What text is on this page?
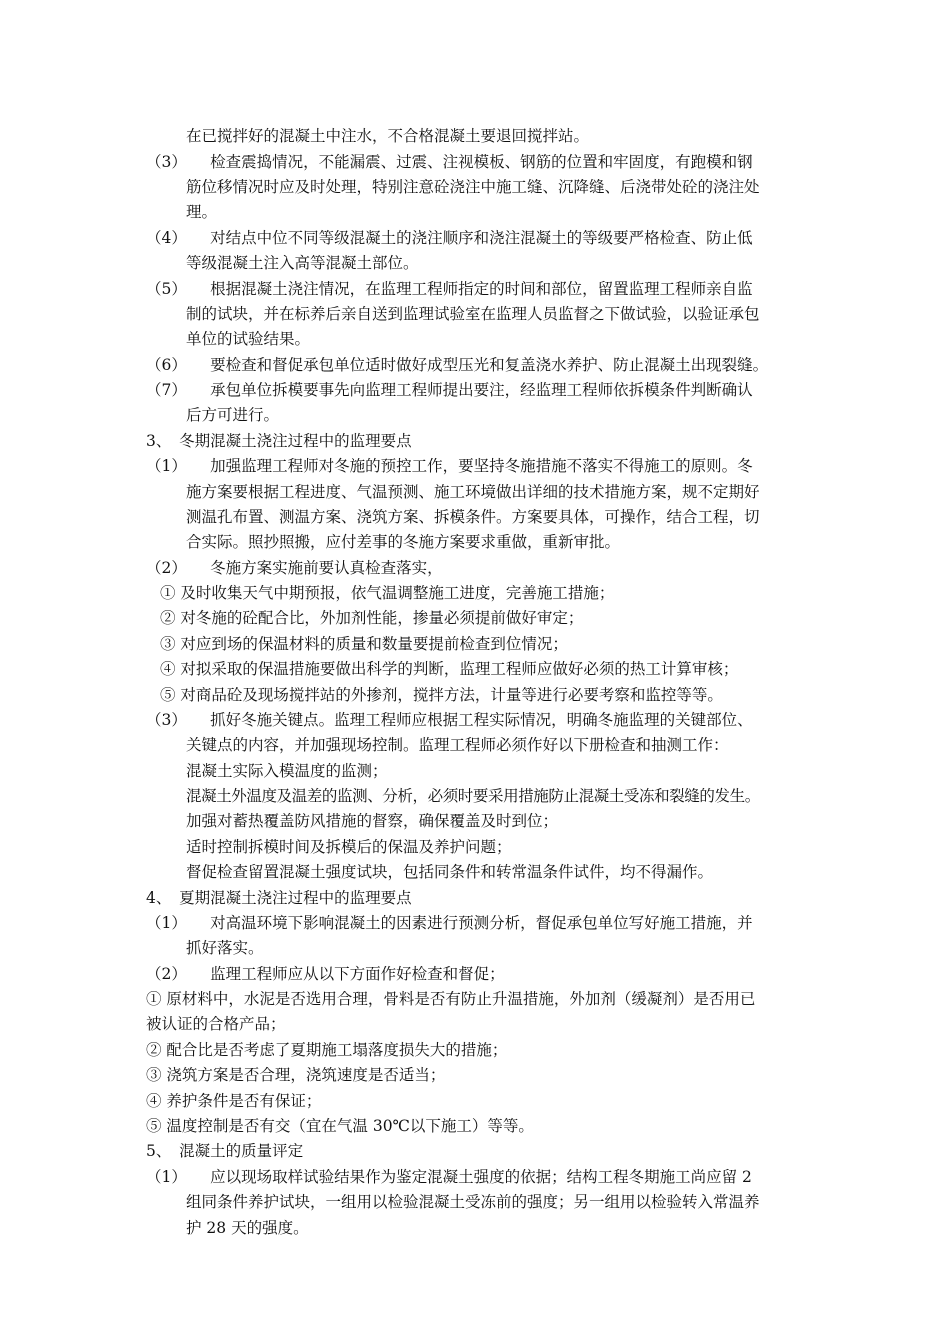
在已搅拌好的混凝土中注水，不合格混凝土要退回搅拌站。
（3）　　检查震捣情况，不能漏震、过震、注视模板、钢筋的位置和牢固度，有跑模和钢
筋位移情况时应及时处理，特别注意砼浇注中施工缝、沉降缝、后浇带处砼的浇注处
理。
（4）　　对结点中位不同等级混凝土的浇注顺序和浇注混凝土的等级要严格检查、防止低
等级混凝土注入高等混凝土部位。
（5）　　根据混凝土浇注情况，在监理工程师指定的时间和部位，留置监理工程师亲自监
制的试块，并在标养后亲自送到监理试验室在监理人员监督之下做试验，以验证承包
单位的试验结果。
（6）　　要检查和督促承包单位适时做好成型压光和复盖浇水养护、防止混凝土出现裂缝。
（7）　　承包单位拆模要事先向监理工程师提出要注，经监理工程师依拆模条件判断确认
后方可进行。
3、　冬期混凝土浇注过程中的监理要点
（1）　　加强监理工程师对冬施的预控工作，要坚持冬施措施不落实不得施工的原则。冬
施方案要根据工程进度、气温预测、施工环境做出详细的技术措施方案，规不定期好
测温孔布置、测温方案、浇筑方案、拆模条件。方案要具体，可操作，结合工程，切
合实际。照抄照搬，应付差事的冬施方案要求重做，重新审批。
（2）　　冬施方案实施前要认真检查落实，
① 及时收集天气中期预报，依气温调整施工进度，完善施工措施；
② 对冬施的砼配合比，外加剂性能，掺量必须提前做好审定；
③ 对应到场的保温材料的质量和数量要提前检查到位情况；
④ 对拟采取的保温措施要做出科学的判断，监理工程师应做好必须的热工计算审核；
⑤ 对商品砼及现场搅拌站的外掺剂，搅拌方法，计量等进行必要考察和监控等等。
（3）　　抓好冬施关键点。监理工程师应根据工程实际情况，明确冬施监理的关键部位、
关键点的内容，并加强现场控制。监理工程师必须作好以下册检查和抽测工作：
混凝土实际入模温度的监测；
混凝土外温度及温差的监测、分析，必须时要采用措施防止混凝土受冻和裂缝的发生。
加强对蓄热覆盖防风措施的督察，确保覆盖及时到位；
适时控制拆模时间及拆模后的保温及养护问题；
督促检查留置混凝土强度试块，包括同条件和转常温条件试件，均不得漏作。
4、　夏期混凝土浇注过程中的监理要点
（1）　　对高温环境下影响混凝土的因素进行预测分析，督促承包单位写好施工措施，并
抓好落实。
（2）　　监理工程师应从以下方面作好检查和督促；
① 原材料中，水泥是否选用合理，骨料是否有防止升温措施，外加剂（缓凝剂）是否用已
被认证的合格产品；
② 配合比是否考虑了夏期施工塌落度损失大的措施；
③ 浇筑方案是否合理，浇筑速度是否适当；
④ 养护条件是否有保证；
⑤ 温度控制是否有交（宜在气温 30℃以下施工）等等。
5、　混凝土的质量评定
（1）　　应以现场取样试验结果作为鉴定混凝土强度的依据；结构工程冬期施工尚应留 2
组同条件养护试块，一组用以检验混凝土受冻前的强度；另一组用以检验转入常温养
护 28 天的强度。
